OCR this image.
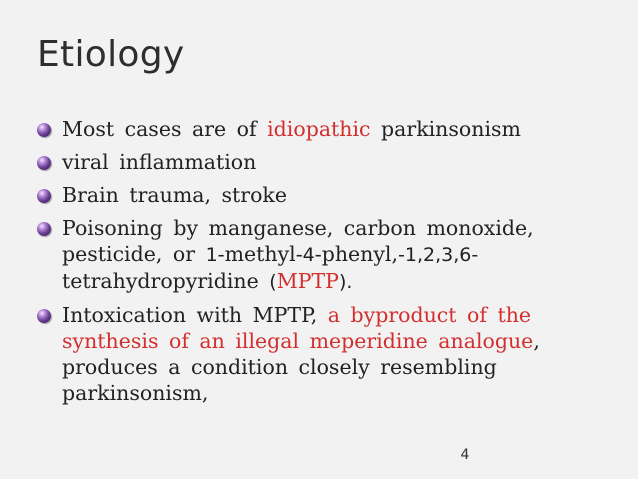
Etiology
Most cases are of idiopathic parkinsonism
viral inflammation
Brain trauma, stroke
Poisoning by manganese, carbon monoxide, pesticide, or 1-methyl-4-phenyl,-1,2,3,6-
tetrahydropyridine (MPTP).
Intoxication with MPTP, a byproduct of the synthesis of an illegal meperidine analogue, produces a condition closely resembling parkinsonism,
4
